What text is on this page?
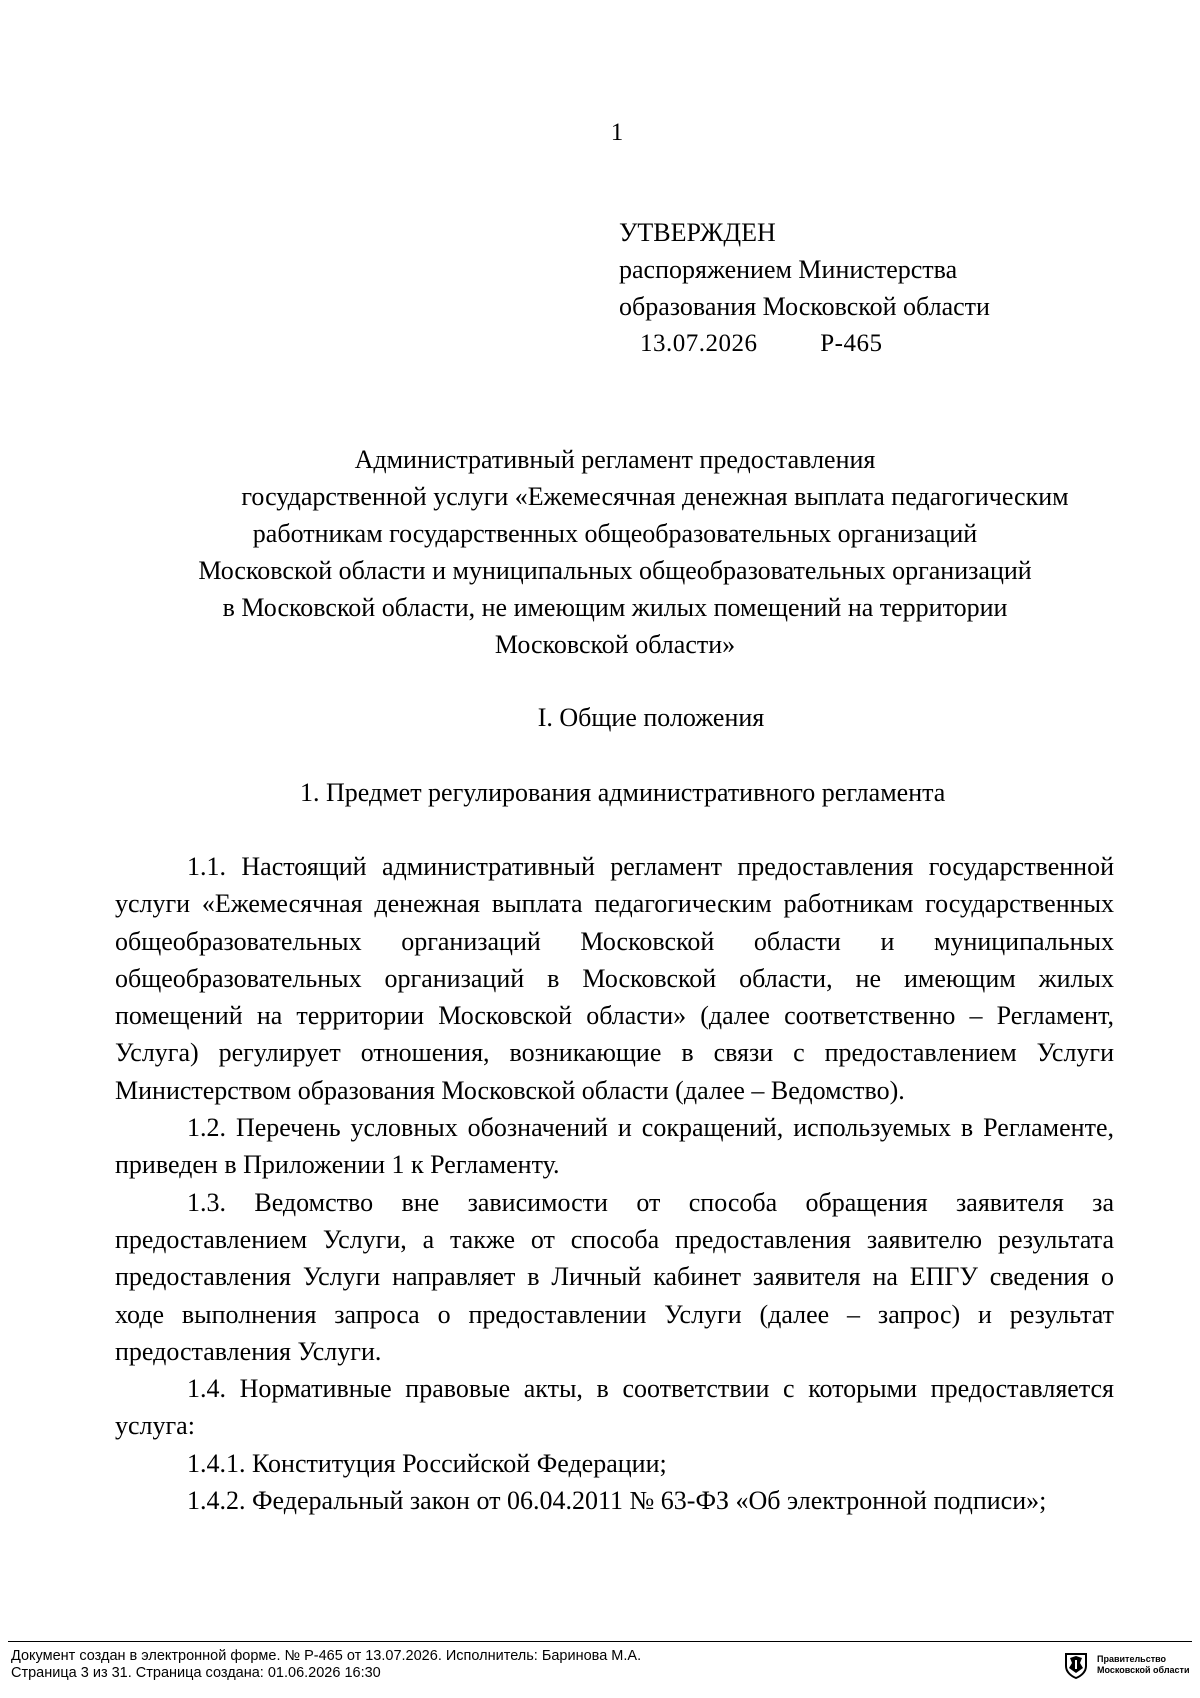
1
УТВЕРЖДЕН
распоряжением Министерства
образования Московской области
13.07.2026	Р-465
Административный регламент предоставления
государственной услуги «Ежемесячная денежная выплата педагогическим
работникам государственных общеобразовательных организаций
Московской области и муниципальных общеобразовательных организаций
в Московской области, не имеющим жилых помещений на территории
Московской области»
I. Общие положения
1. Предмет регулирования административного регламента

1.1. Настоящий административный регламент предоставления государственной услуги «Ежемесячная денежная выплата педагогическим работникам государственных общеобразовательных организаций Московской области и муниципальных общеобразовательных организаций в Московской области, не имеющим жилых помещений на территории Московской области» (далее соответственно – Регламент, Услуга) регулирует отношения, возникающие в связи с предоставлением Услуги Министерством образования Московской области (далее – Ведомство).

1.2. Перечень условных обозначений и сокращений, используемых в Регламенте, приведен в Приложении 1 к Регламенту.

1.3. Ведомство вне зависимости от способа обращения заявителя за предоставлением Услуги, а также от способа предоставления заявителю результата предоставления Услуги направляет в Личный кабинет заявителя на ЕПГУ сведения о ходе выполнения запроса о предоставлении Услуги (далее – запрос) и результат предоставления Услуги.

1.4. Нормативные правовые акты, в соответствии с которыми предоставляется услуга:

1.4.1. Конституция Российской Федерации;

1.4.2. Федеральный закон от 06.04.2011 № 63-ФЗ «Об электронной подписи»;

Документ создан в электронной форме. № Р-465 от 13.07.2026. Исполнитель: Баринова М.А.
Страница 3 из 31. Страница создана: 01.06.2026 16:30
Правительство
Московской области
